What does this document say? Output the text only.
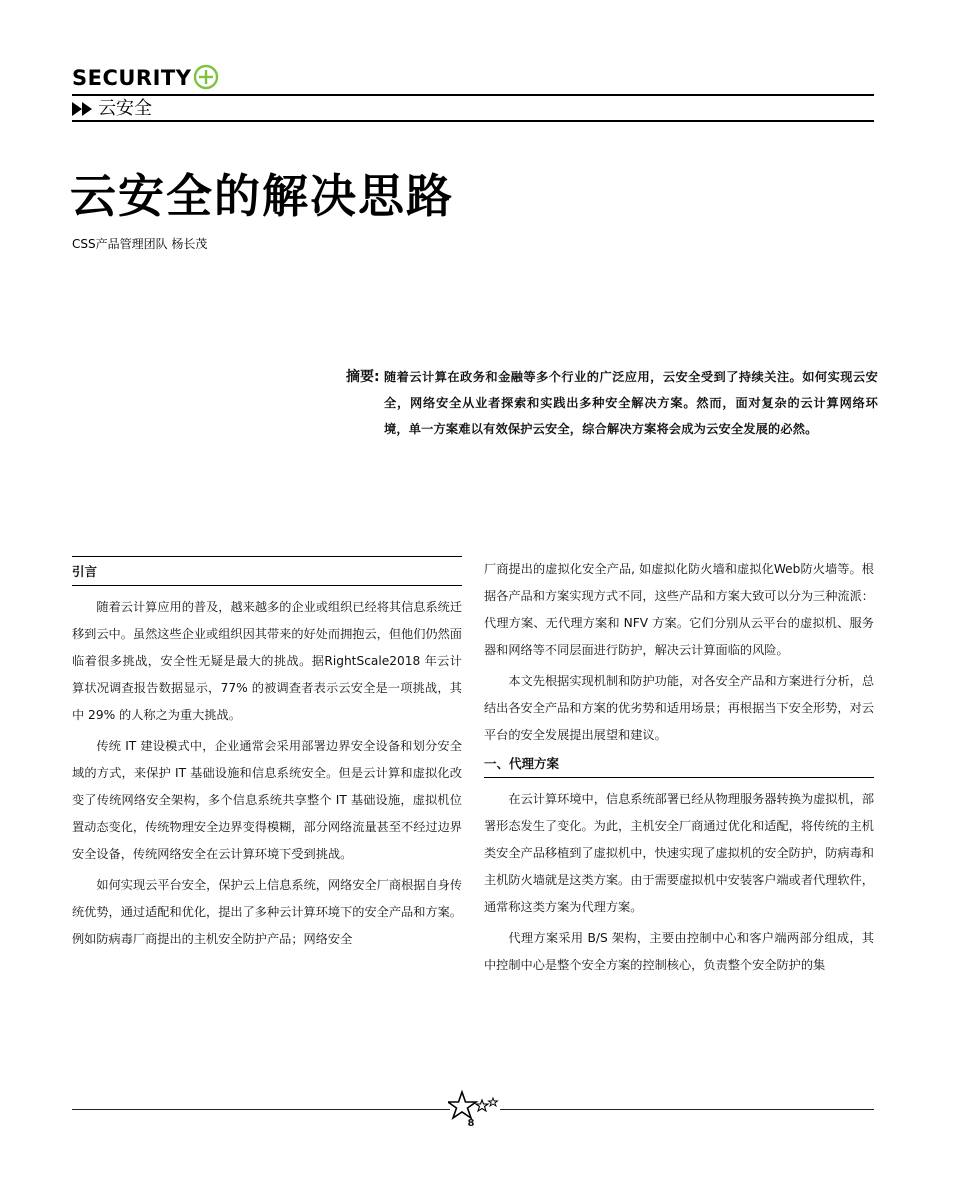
SECURITY
云安全
云安全的解决思路
CSS产品管理团队 杨长茂
摘要: 随着云计算在政务和金融等多个行业的广泛应用，云安全受到了持续关注。如何实现云安全，网络安全从业者探索和实践出多种安全解决方案。然而，面对复杂的云计算网络环境，单一方案难以有效保护云安全，综合解决方案将会成为云安全发展的必然。

引言

随着云计算应用的普及，越来越多的企业或组织已经将其信息系统迁移到云中。虽然这些企业或组织因其带来的好处而拥抱云，但他们仍然面临着很多挑战，安全性无疑是最大的挑战。据RightScale2018 年云计算状况调查报告数据显示，77% 的被调查者表示云安全是一项挑战，其中 29% 的人称之为重大挑战。

传统 IT 建设模式中，企业通常会采用部署边界安全设备和划分安全域的方式，来保护 IT 基础设施和信息系统安全。但是云计算和虚拟化改变了传统网络安全架构，多个信息系统共享整个 IT 基础设施，虚拟机位置动态变化，传统物理安全边界变得模糊，部分网络流量甚至不经过边界安全设备，传统网络安全在云计算环境下受到挑战。

如何实现云平台安全，保护云上信息系统，网络安全厂商根据自身传统优势，通过适配和优化，提出了多种云计算环境下的安全产品和方案。例如防病毒厂商提出的主机安全防护产品；网络安全

厂商提出的虚拟化安全产品, 如虚拟化防火墙和虚拟化Web防火墙等。根据各产品和方案实现方式不同，这些产品和方案大致可以分为三种流派：代理方案、无代理方案和 NFV 方案。它们分别从云平台的虚拟机、服务器和网络等不同层面进行防护，解决云计算面临的风险。

本文先根据实现机制和防护功能，对各安全产品和方案进行分析，总结出各安全产品和方案的优劣势和适用场景；再根据当下安全形势，对云平台的安全发展提出展望和建议。

一、代理方案

在云计算环境中，信息系统部署已经从物理服务器转换为虚拟机，部署形态发生了变化。为此，主机安全厂商通过优化和适配，将传统的主机类安全产品移植到了虚拟机中，快速实现了虚拟机的安全防护，防病毒和主机防火墙就是这类方案。由于需要虚拟机中安装客户端或者代理软件，通常称这类方案为代理方案。

代理方案采用 B/S 架构，主要由控制中心和客户端两部分组成，其中控制中心是整个安全方案的控制核心，负责整个安全防护的集

8
